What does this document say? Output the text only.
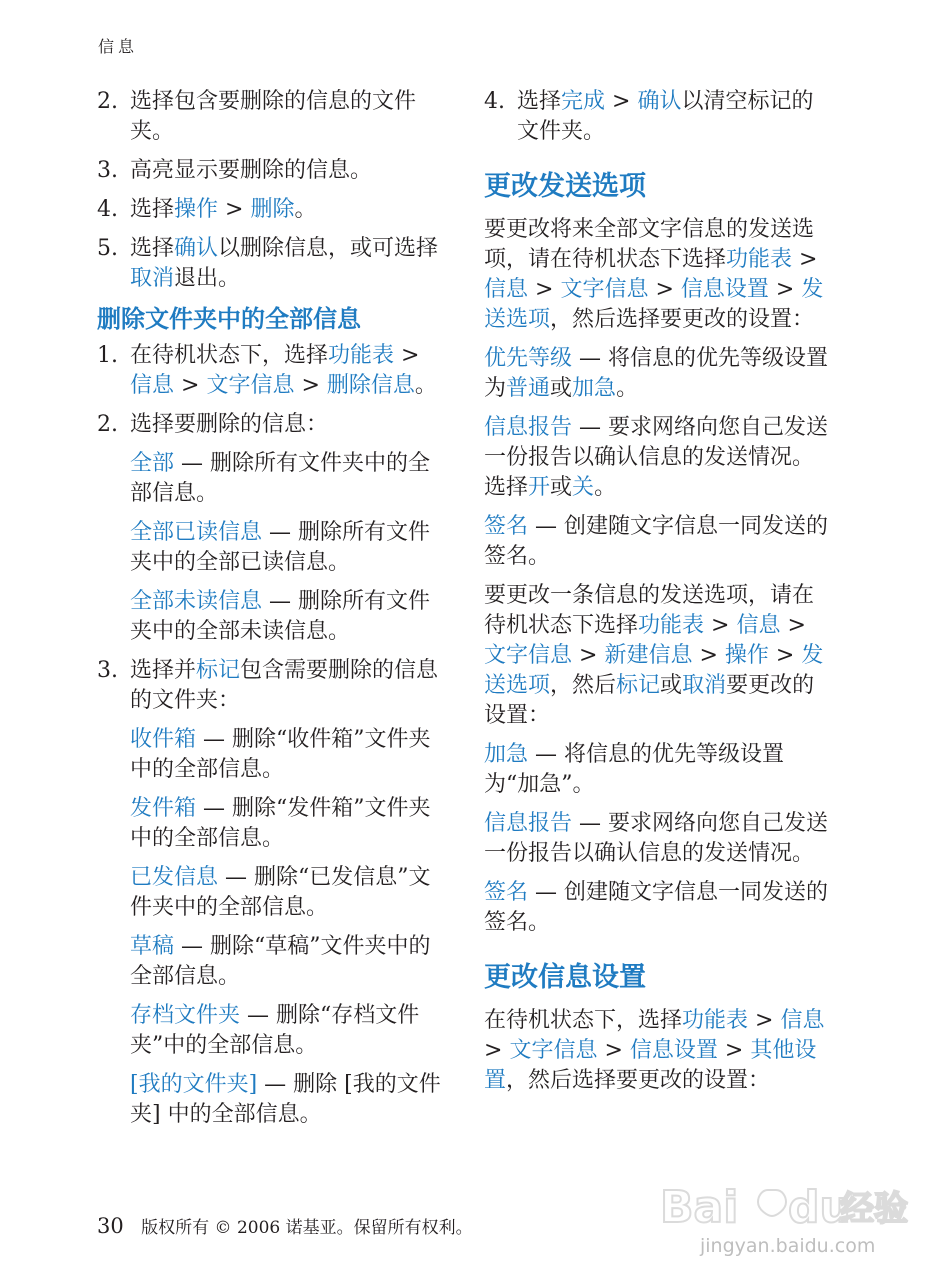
信息
2. 选择包含要删除的信息的文件夹。
3. 高亮显示要删除的信息。
4. 选择操作 > 删除。
5. 选择确认以删除信息，或可选择取消退出。
删除文件夹中的全部信息
1. 在待机状态下，选择功能表 > 信息 > 文字信息 > 删除信息。
2. 选择要删除的信息：
全部 — 删除所有文件夹中的全部信息。
全部已读信息 — 删除所有文件夹中的全部已读信息。
全部未读信息 — 删除所有文件夹中的全部未读信息。
3. 选择并标记包含需要删除的信息的文件夹：
收件箱 — 删除“收件箱”文件夹中的全部信息。
发件箱 — 删除“发件箱”文件夹中的全部信息。
已发信息 — 删除“已发信息”文件夹中的全部信息。
草稿 — 删除“草稿”文件夹中的全部信息。
存档文件夹 — 删除“存档文件夹”中的全部信息。
[我的文件夹] — 删除 [我的文件夹] 中的全部信息。
4. 选择完成 > 确认以清空标记的文件夹。
更改发送选项
要更改将来全部文字信息的发送选项，请在待机状态下选择功能表 > 信息 > 文字信息 > 信息设置 > 发送选项，然后选择要更改的设置：
优先等级 — 将信息的优先等级设置为普通或加急。
信息报告 — 要求网络向您自己发送一份报告以确认信息的发送情况。选择开或关。
签名 — 创建随文字信息一同发送的签名。
要更改一条信息的发送选项，请在待机状态下选择功能表 > 信息 > 文字信息 > 新建信息 > 操作 > 发送选项，然后标记或取消要更改的设置：
加急 — 将信息的优先等级设置为“加急”。
信息报告 — 要求网络向您自己发送一份报告以确认信息的发送情况。
签名 — 创建随文字信息一同发送的签名。
更改信息设置
在待机状态下，选择功能表 > 信息 > 文字信息 > 信息设置 > 其他设置，然后选择要更改的设置：
30 版权所有 © 2006 诺基亚。保留所有权利。	Bai du
经验
jingyan.baidu.com
